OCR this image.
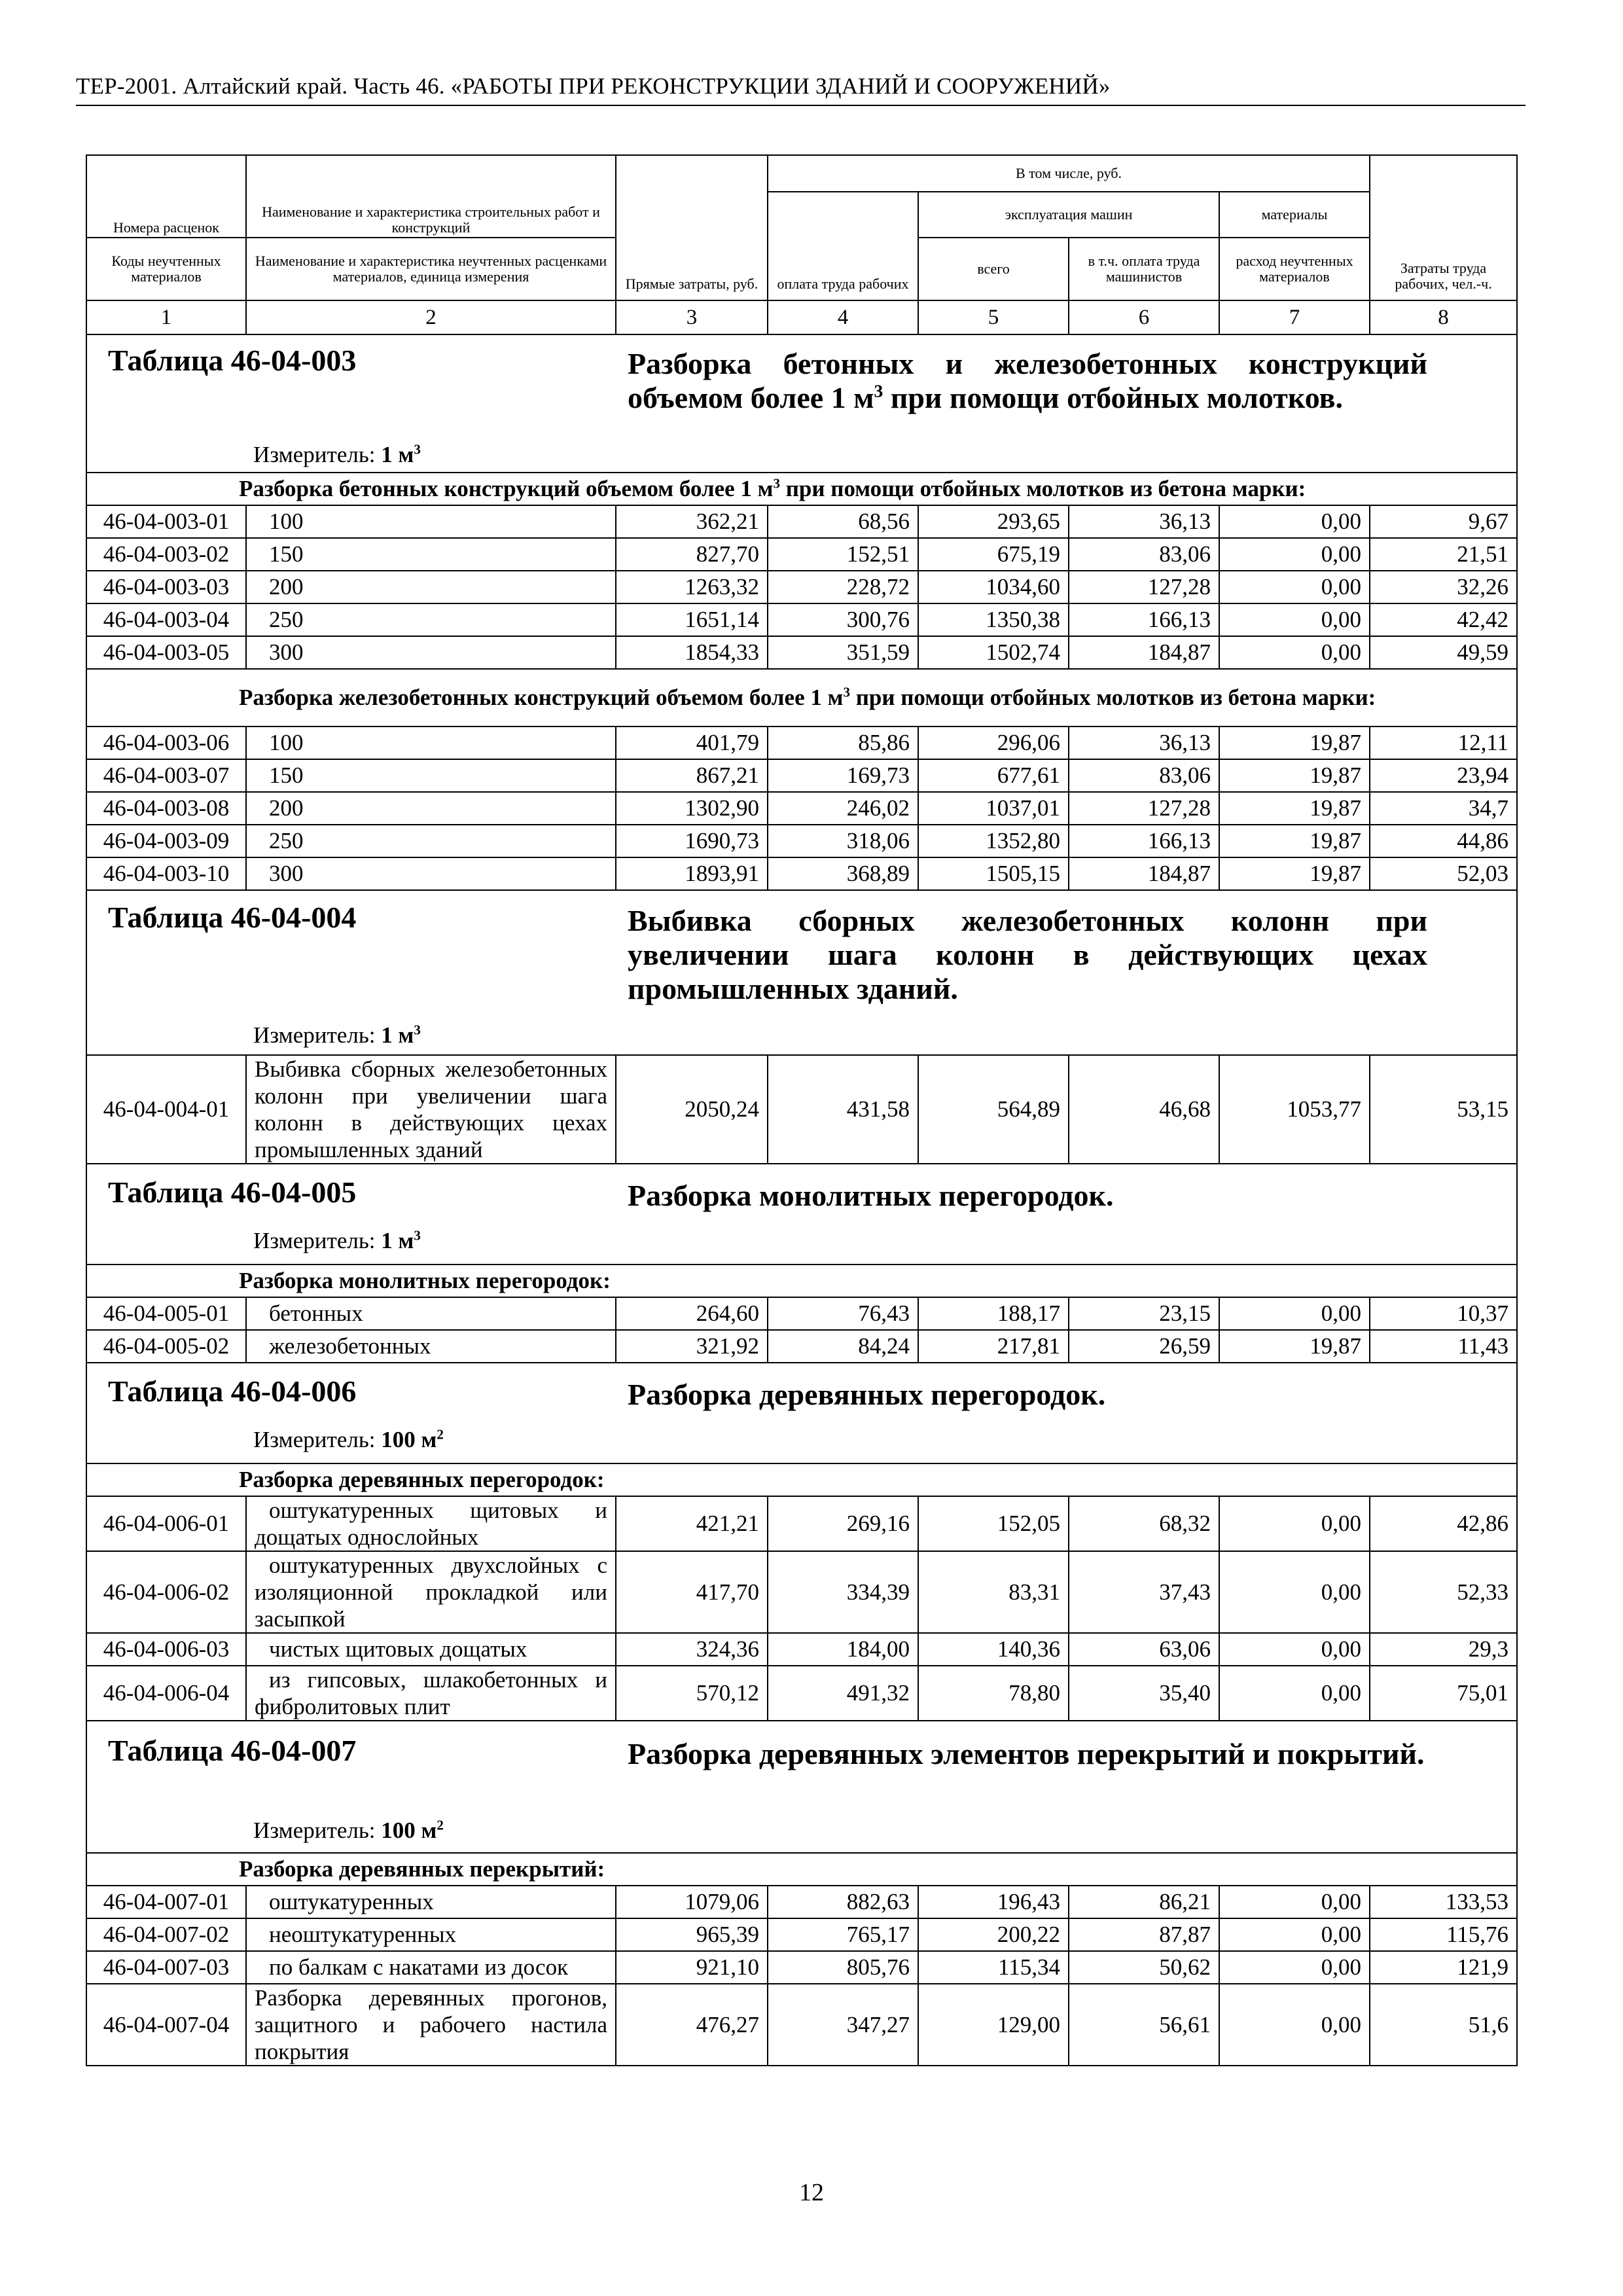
ТЕР-2001. Алтайский край. Часть 46. «РАБОТЫ ПРИ РЕКОНСТРУКЦИИ ЗДАНИЙ И СООРУЖЕНИЙ»
Номера расценок	Наименование и характеристика строительных работ и конструкций	Прямые затраты, руб.	В том числе, руб.				Затраты труда рабочих, чел.-ч.
			оплата труда рабочих	эксплуатация машин		материалы	

Коды неучтенных материалов	Наименование и характеристика неучтенных расценками материалов, единица измерения			всего	в т.ч. оплата труда машинистов	расход неучтенных материалов	
1	2	3	4	5	6	7	8

Таблица 46-04-003 Разборка бетонных и железобетонных конструкций объемом более 1 $м^3$ при помощи отбойных молотков.
Измеритель: 1 $м^3$

Разборка бетонных конструкций объемом более 1 $м^3$ при помощи отбойных молотков из бетона марки:							
46-04-003-01	100	362,21	68,56	293,65	36,13	0,00	9,67
46-04-003-02	150	827,70	152,51	675,19	83,06	0,00	21,51
46-04-003-03	200	1263,32	228,72	1034,60	127,28	0,00	32,26
46-04-003-04	250	1651,14	300,76	1350,38	166,13	0,00	42,42
46-04-003-05	300	1854,33	351,59	1502,74	184,87	0,00	49,59
Разборка железобетонных конструкций объемом более 1 $м^3$ при помощи отбойных молотков из бетона марки:							
46-04-003-06	100	401,79	85,86	296,06	36,13	19,87	12,11
46-04-003-07	150	867,21	169,73	677,61	83,06	19,87	23,94
46-04-003-08	200	1302,90	246,02	1037,01	127,28	19,87	34,7
46-04-003-09	250	1690,73	318,06	1352,80	166,13	19,87	44,86
46-04-003-10	300	1893,91	368,89	1505,15	184,87	19,87	52,03

Таблица 46-04-004 Выбивка сборных железобетонных колонн при увеличении шага колонн в действующих цехах промышленных зданий.
Измеритель: 1 $м^3$

46-04-004-01	Выбивка сборных железобетонных колонн при увеличении шага колонн в действующих цехах промышленных зданий	2050,24	431,58	564,89	46,68	1053,77	53,15

Таблица 46-04-005 Разборка монолитных перегородок.
Измеритель: 1 $м^3$

Разборка монолитных перегородок:							
46-04-005-01	бетонных	264,60	76,43	188,17	23,15	0,00	10,37
46-04-005-02	железобетонных	321,92	84,24	217,81	26,59	19,87	11,43

Таблица 46-04-006 Разборка деревянных перегородок.
Измеритель: 100 $м^2$

Разборка деревянных перегородок:							
46-04-006-01	оштукатуренных щитовых и дощатых однослойных	421,21	269,16	152,05	68,32	0,00	42,86
46-04-006-02	оштукатуренных двухслойных с изоляционной прокладкой или засыпкой	417,70	334,39	83,31	37,43	0,00	52,33
46-04-006-03	чистых щитовых дощатых	324,36	184,00	140,36	63,06	0,00	29,3
46-04-006-04	из гипсовых, шлакобетонных и фибролитовых плит	570,12	491,32	78,80	35,40	0,00	75,01

Таблица 46-04-007 Разборка деревянных элементов перекрытий и покрытий.
Измеритель: 100 $м^2$

Разборка деревянных перекрытий:							
46-04-007-01	оштукатуренных	1079,06	882,63	196,43	86,21	0,00	133,53
46-04-007-02	неоштукатуренных	965,39	765,17	200,22	87,87	0,00	115,76
46-04-007-03	по балкам с накатами из досок	921,10	805,76	115,34	50,62	0,00	121,9
46-04-007-04	Разборка деревянных прогонов, защитного и рабочего настила покрытия	476,27	347,27	129,00	56,61	0,00	51,6
12
